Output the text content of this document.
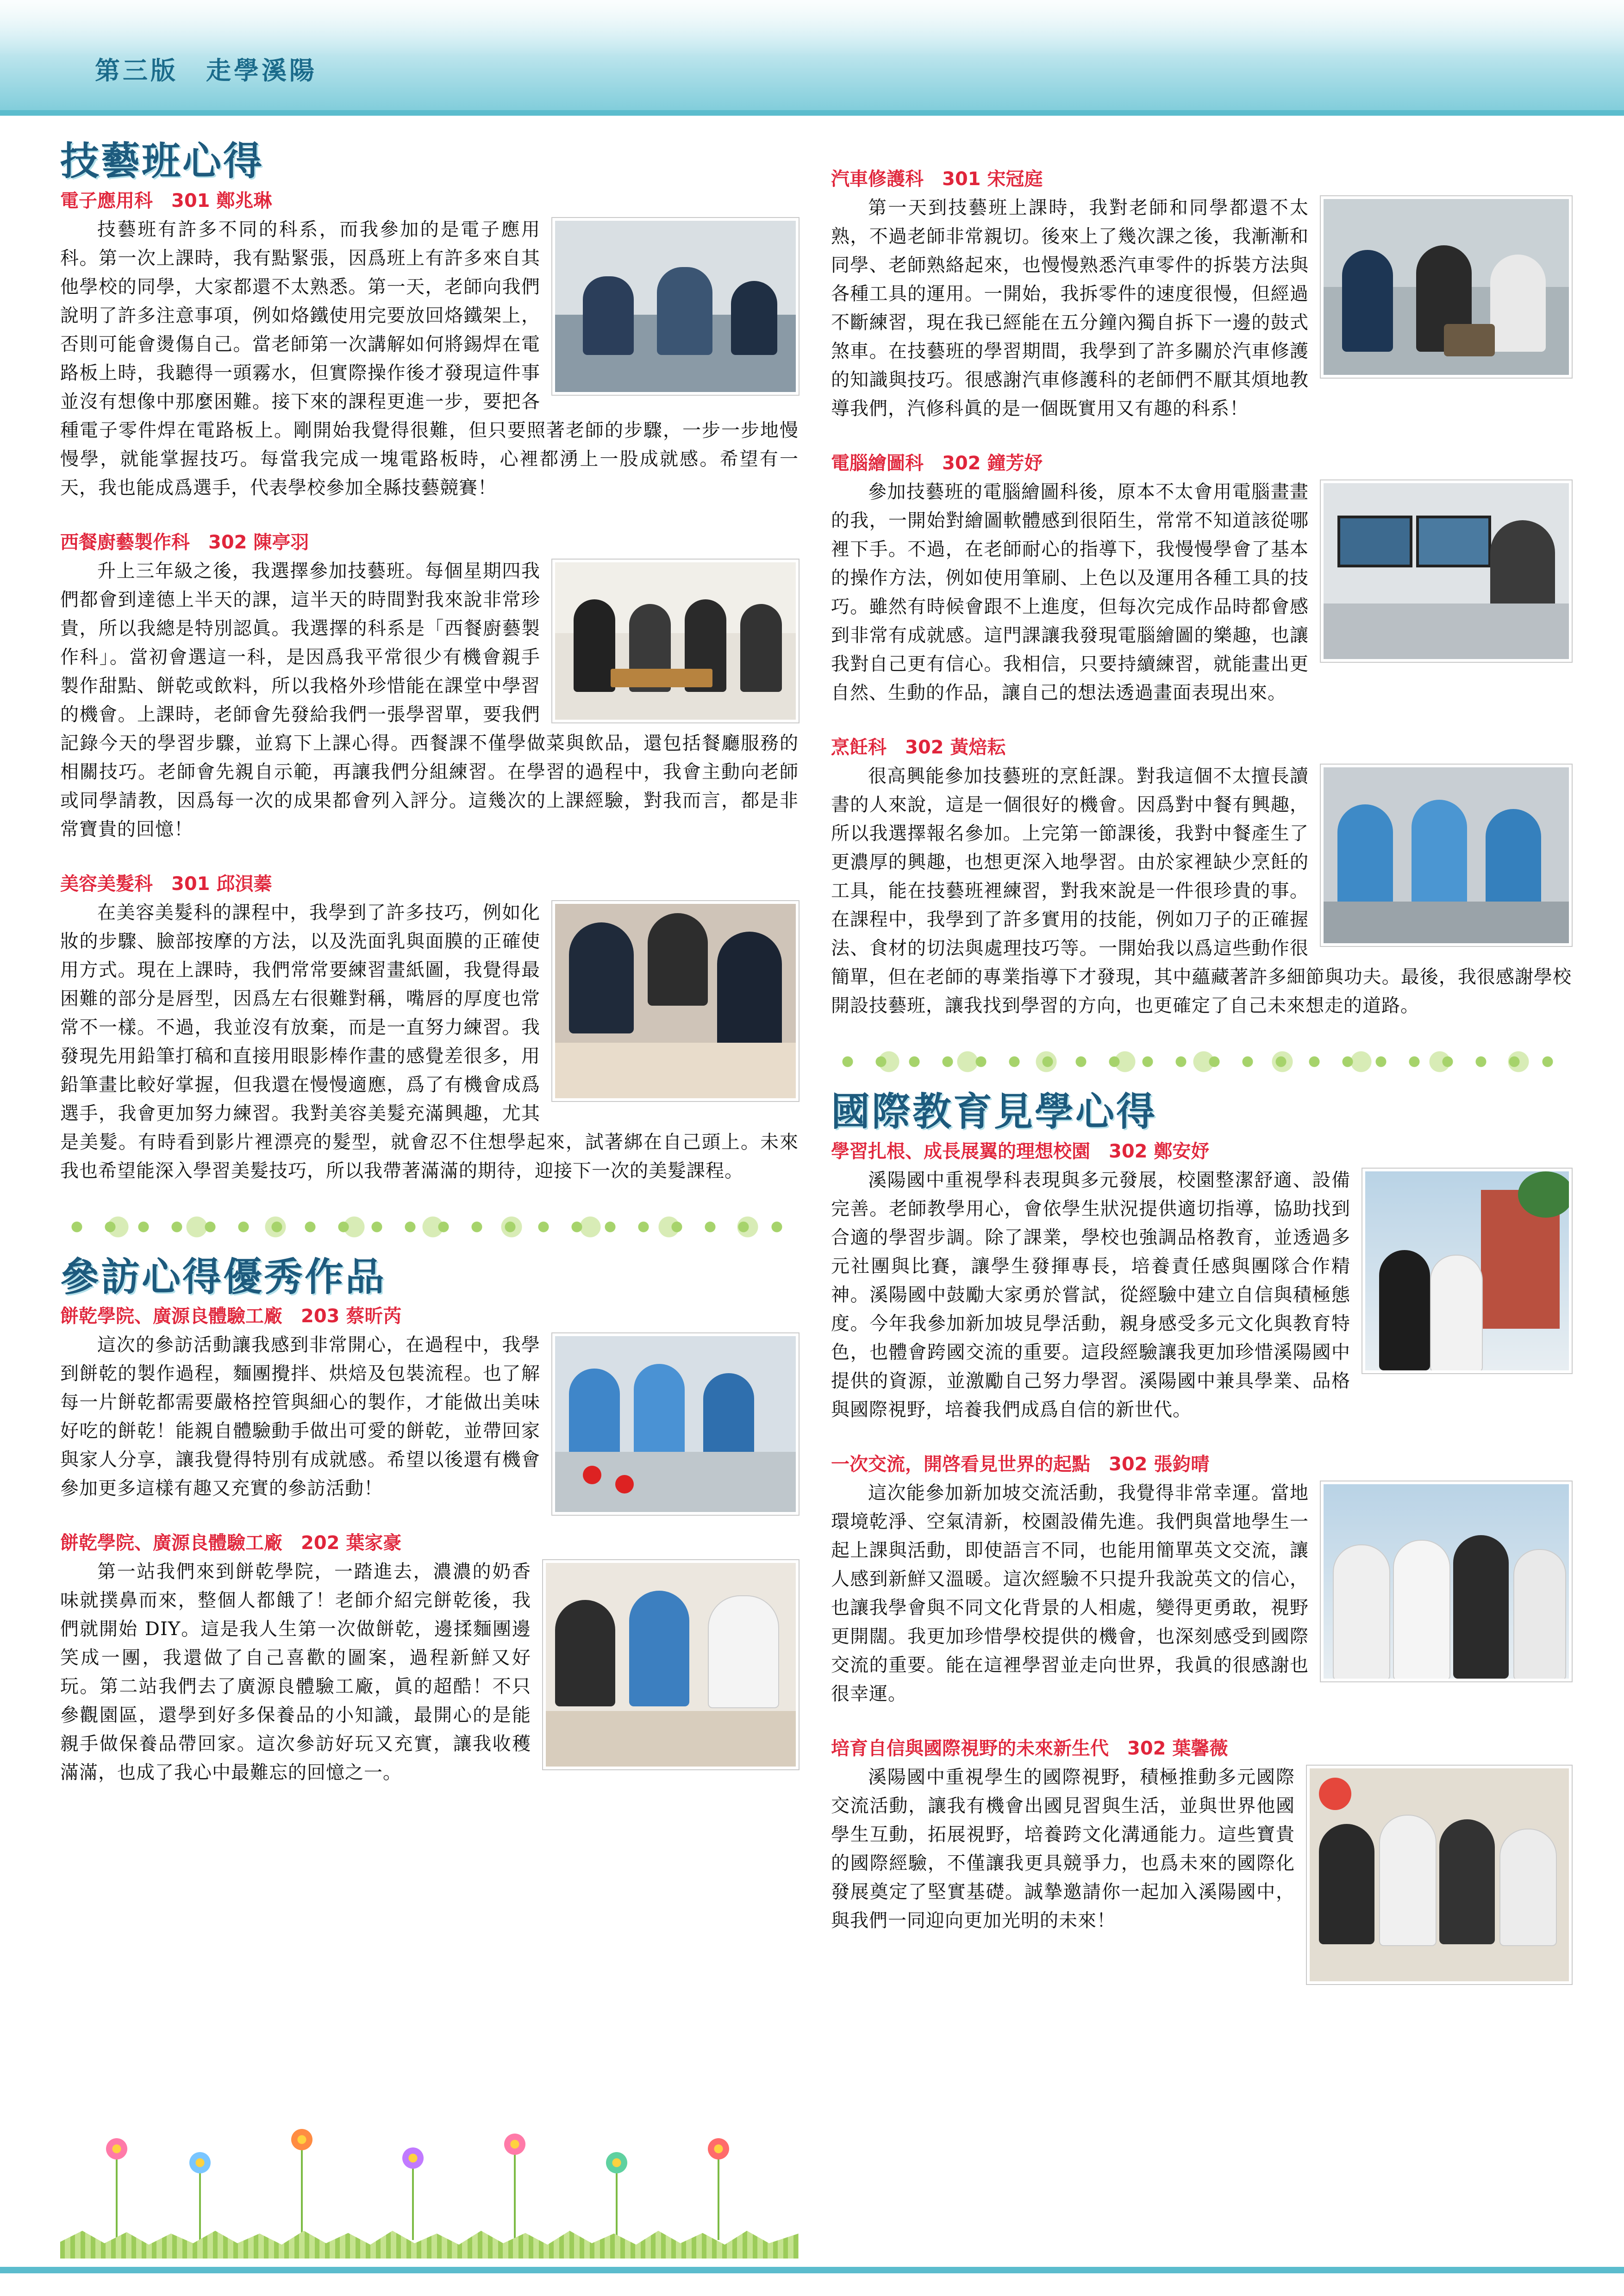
第三版　走學溪陽
技藝班心得
電子應用科　301 鄭兆琳

技藝班有許多不同的科系，而我參加的是電子應用科。第一次上課時，我有點緊張，因爲班上有許多來自其他學校的同學，大家都還不太熟悉。第一天，老師向我們說明了許多注意事項，例如烙鐵使用完要放回烙鐵架上，否則可能會燙傷自己。當老師第一次講解如何將錫焊在電路板上時，我聽得一頭霧水，但實際操作後才發現這件事並沒有想像中那麼困難。接下來的課程更進一步，要把各種電子零件焊在電路板上。剛開始我覺得很難，但只要照著老師的步驟，一步一步地慢慢學，就能掌握技巧。每當我完成一塊電路板時，心裡都湧上一股成就感。希望有一天，我也能成爲選手，代表學校參加全縣技藝競賽！

西餐廚藝製作科　302 陳亭羽

升上三年級之後，我選擇參加技藝班。每個星期四我們都會到達德上半天的課，這半天的時間對我來說非常珍貴，所以我總是特別認眞。我選擇的科系是「西餐廚藝製作科」。當初會選這一科，是因爲我平常很少有機會親手製作甜點、餅乾或飲料，所以我格外珍惜能在課堂中學習的機會。上課時，老師會先發給我們一張學習單，要我們記錄今天的學習步驟，並寫下上課心得。西餐課不僅學做菜與飲品，還包括餐廳服務的相關技巧。老師會先親自示範，再讓我們分組練習。在學習的過程中，我會主動向老師或同學請教，因爲每一次的成果都會列入評分。這幾次的上課經驗，對我而言，都是非常寶貴的回憶！

美容美髮科　301 邱浿蓁

在美容美髮科的課程中，我學到了許多技巧，例如化妝的步驟、臉部按摩的方法，以及洗面乳與面膜的正確使用方式。現在上課時，我們常常要練習畫紙圖，我覺得最困難的部分是唇型，因爲左右很難對稱，嘴唇的厚度也常常不一樣。不過，我並沒有放棄，而是一直努力練習。我發現先用鉛筆打稿和直接用眼影棒作畫的感覺差很多，用鉛筆畫比較好掌握，但我還在慢慢適應，爲了有機會成爲選手，我會更加努力練習。我對美容美髮充滿興趣，尤其是美髮。有時看到影片裡漂亮的髮型，就會忍不住想學起來，試著綁在自己頭上。未來我也希望能深入學習美髮技巧，所以我帶著滿滿的期待，迎接下一次的美髮課程。

參訪心得優秀作品
餅乾學院、廣源良體驗工廠　203 蔡昕芮

這次的參訪活動讓我感到非常開心，在過程中，我學到餅乾的製作過程，麵團攪拌、烘焙及包裝流程。也了解每一片餅乾都需要嚴格控管與細心的製作，才能做出美味好吃的餅乾！能親自體驗動手做出可愛的餅乾，並帶回家與家人分享，讓我覺得特別有成就感。希望以後還有機會參加更多這樣有趣又充實的參訪活動！

餅乾學院、廣源良體驗工廠　202 葉家豪

第一站我們來到餅乾學院，一踏進去，濃濃的奶香味就撲鼻而來，整個人都餓了！老師介紹完餅乾後，我們就開始 DIY。這是我人生第一次做餅乾，邊揉麵團邊笑成一團，我還做了自己喜歡的圖案，過程新鮮又好玩。第二站我們去了廣源良體驗工廠，眞的超酷！不只參觀園區，還學到好多保養品的小知識，最開心的是能親手做保養品帶回家。這次參訪好玩又充實，讓我收穫滿滿，也成了我心中最難忘的回憶之一。

汽車修護科　301 宋冠庭

第一天到技藝班上課時，我對老師和同學都還不太熟，不過老師非常親切。後來上了幾次課之後，我漸漸和同學、老師熟絡起來，也慢慢熟悉汽車零件的拆裝方法與各種工具的運用。一開始，我拆零件的速度很慢，但經過不斷練習，現在我已經能在五分鐘內獨自拆下一邊的鼓式煞車。在技藝班的學習期間，我學到了許多關於汽車修護的知識與技巧。很感謝汽車修護科的老師們不厭其煩地教導我們，汽修科眞的是一個既實用又有趣的科系！

電腦繪圖科　302 鐘芳妤

參加技藝班的電腦繪圖科後，原本不太會用電腦畫畫的我，一開始對繪圖軟體感到很陌生，常常不知道該從哪裡下手。不過，在老師耐心的指導下，我慢慢學會了基本的操作方法，例如使用筆刷、上色以及運用各種工具的技巧。雖然有時候會跟不上進度，但每次完成作品時都會感到非常有成就感。這門課讓我發現電腦繪圖的樂趣，也讓我對自己更有信心。我相信，只要持續練習，就能畫出更自然、生動的作品，讓自己的想法透過畫面表現出來。

烹飪科　302 黃焙耘

很高興能參加技藝班的烹飪課。對我這個不太擅長讀書的人來說，這是一個很好的機會。因爲對中餐有興趣，所以我選擇報名參加。上完第一節課後，我對中餐產生了更濃厚的興趣，也想更深入地學習。由於家裡缺少烹飪的工具，能在技藝班裡練習，對我來說是一件很珍貴的事。在課程中，我學到了許多實用的技能，例如刀子的正確握法、食材的切法與處理技巧等。一開始我以爲這些動作很簡單，但在老師的專業指導下才發現，其中蘊藏著許多細節與功夫。最後，我很感謝學校開設技藝班，讓我找到學習的方向，也更確定了自己未來想走的道路。

國際教育見學心得
學習扎根、成長展翼的理想校園　302 鄭安妤

溪陽國中重視學科表現與多元發展，校園整潔舒適、設備完善。老師教學用心，會依學生狀況提供適切指導，協助找到合適的學習步調。除了課業，學校也強調品格教育，並透過多元社團與比賽，讓學生發揮專長，培養責任感與團隊合作精神。溪陽國中鼓勵大家勇於嘗試，從經驗中建立自信與積極態度。今年我參加新加坡見學活動，親身感受多元文化與教育特色，也體會跨國交流的重要。這段經驗讓我更加珍惜溪陽國中提供的資源，並激勵自己努力學習。溪陽國中兼具學業、品格與國際視野，培養我們成爲自信的新世代。

一次交流，開啓看見世界的起點　302 張鈞晴

這次能參加新加坡交流活動，我覺得非常幸運。當地環境乾淨、空氣清新，校園設備先進。我們與當地學生一起上課與活動，即使語言不同，也能用簡單英文交流，讓人感到新鮮又溫暖。這次經驗不只提升我說英文的信心，也讓我學會與不同文化背景的人相處，變得更勇敢，視野更開闊。我更加珍惜學校提供的機會，也深刻感受到國際交流的重要。能在這裡學習並走向世界，我眞的很感謝也很幸運。

培育自信與國際視野的未來新生代　302 葉馨薇

溪陽國中重視學生的國際視野，積極推動多元國際交流活動，讓我有機會出國見習與生活，並與世界他國學生互動，拓展視野，培養跨文化溝通能力。這些寶貴的國際經驗，不僅讓我更具競爭力，也爲未來的國際化發展奠定了堅實基礎。誠摯邀請你一起加入溪陽國中，與我們一同迎向更加光明的未來！
